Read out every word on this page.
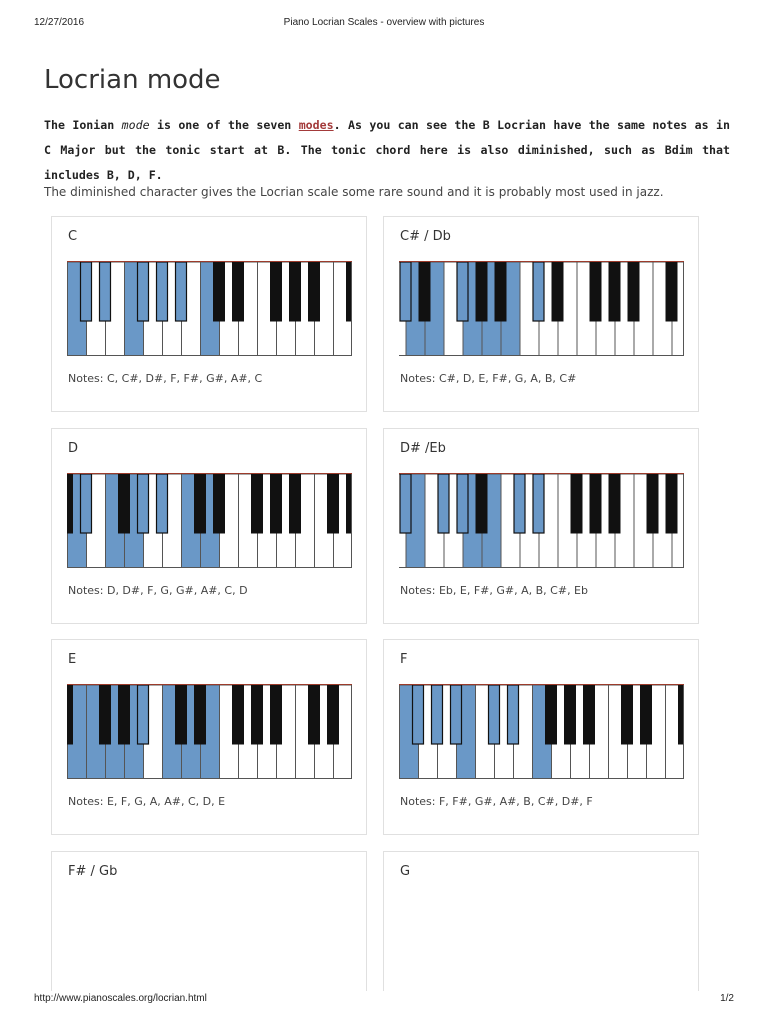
12/27/2016	Piano Locrian Scales - overview with pictures
Locrian mode

The Ionian mode is one of the seven modes. As you can see the B Locrian have the same notes as in C Major but the tonic start at B. The tonic chord here is also diminished, such as Bdim that includes B, D, F.

The diminished character gives the Locrian scale some rare sound and it is probably most used in jazz.

C
Notes: C, C#, D#, F, F#, G#, A#, C
C# / Db
Notes: C#, D, E, F#, G, A, B, C#
D
Notes: D, D#, F, G, G#, A#, C, D
D# /Eb
Notes: Eb, E, F#, G#, A, B, C#, Eb
E
Notes: E, F, G, A, A#, C, D, E
F
Notes: F, F#, G#, A#, B, C#, D#, F
F# / Gb	G
http://www.pianoscales.org/locrian.html	1/2
